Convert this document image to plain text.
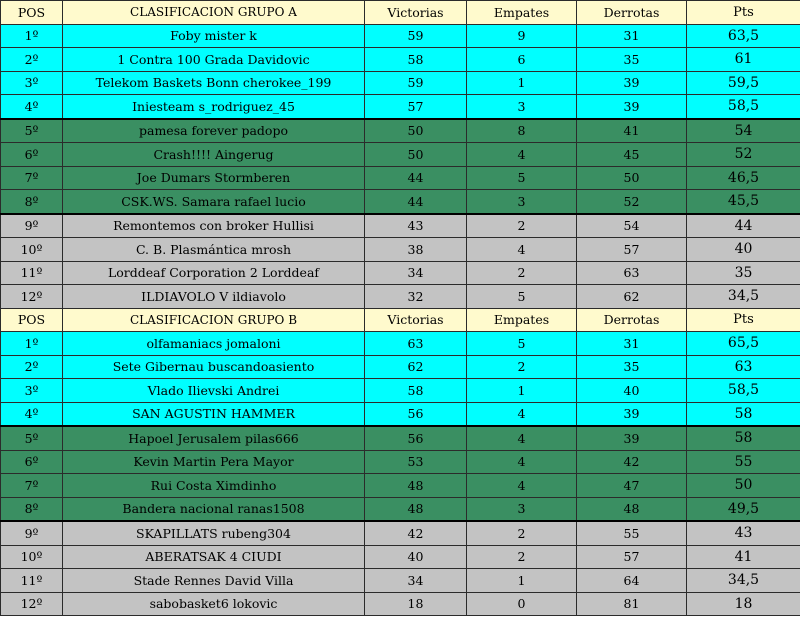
POS	CLASIFICACION GRUPO A	Victorias	Empates	Derrotas	Pts
1º	Foby mister k	59	9	31	63,5
2º	1 Contra 100 Grada Davidovic	58	6	35	61
3º	Telekom Baskets Bonn cherokee_199	59	1	39	59,5
4º	Iniesteam s_rodriguez_45	57	3	39	58,5
5º	pamesa forever padopo	50	8	41	54
6º	Crash!!!! Aingerug	50	4	45	52
7º	Joe Dumars Stormberen	44	5	50	46,5
8º	CSK.WS. Samara rafael lucio	44	3	52	45,5
9º	Remontemos con broker Hullisi	43	2	54	44
10º	C. B. Plasmántica mrosh	38	4	57	40
11º	Lorddeaf Corporation 2 Lorddeaf	34	2	63	35
12º	ILDIAVOLO V ildiavolo	32	5	62	34,5
POS	CLASIFICACION GRUPO B	Victorias	Empates	Derrotas	Pts
1º	olfamaniacs jomaloni	63	5	31	65,5
2º	Sete Gibernau buscandoasiento	62	2	35	63
3º	Vlado Ilievski Andrei	58	1	40	58,5
4º	SAN AGUSTIN HAMMER	56	4	39	58
5º	Hapoel Jerusalem pilas666	56	4	39	58
6º	Kevin Martin Pera Mayor	53	4	42	55
7º	Rui Costa Ximdinho	48	4	47	50
8º	Bandera nacional ranas1508	48	3	48	49,5
9º	SKAPILLATS rubeng304	42	2	55	43
10º	ABERATSAK 4 CIUDI	40	2	57	41
11º	Stade Rennes David Villa	34	1	64	34,5
12º	sabobasket6 lokovic	18	0	81	18
